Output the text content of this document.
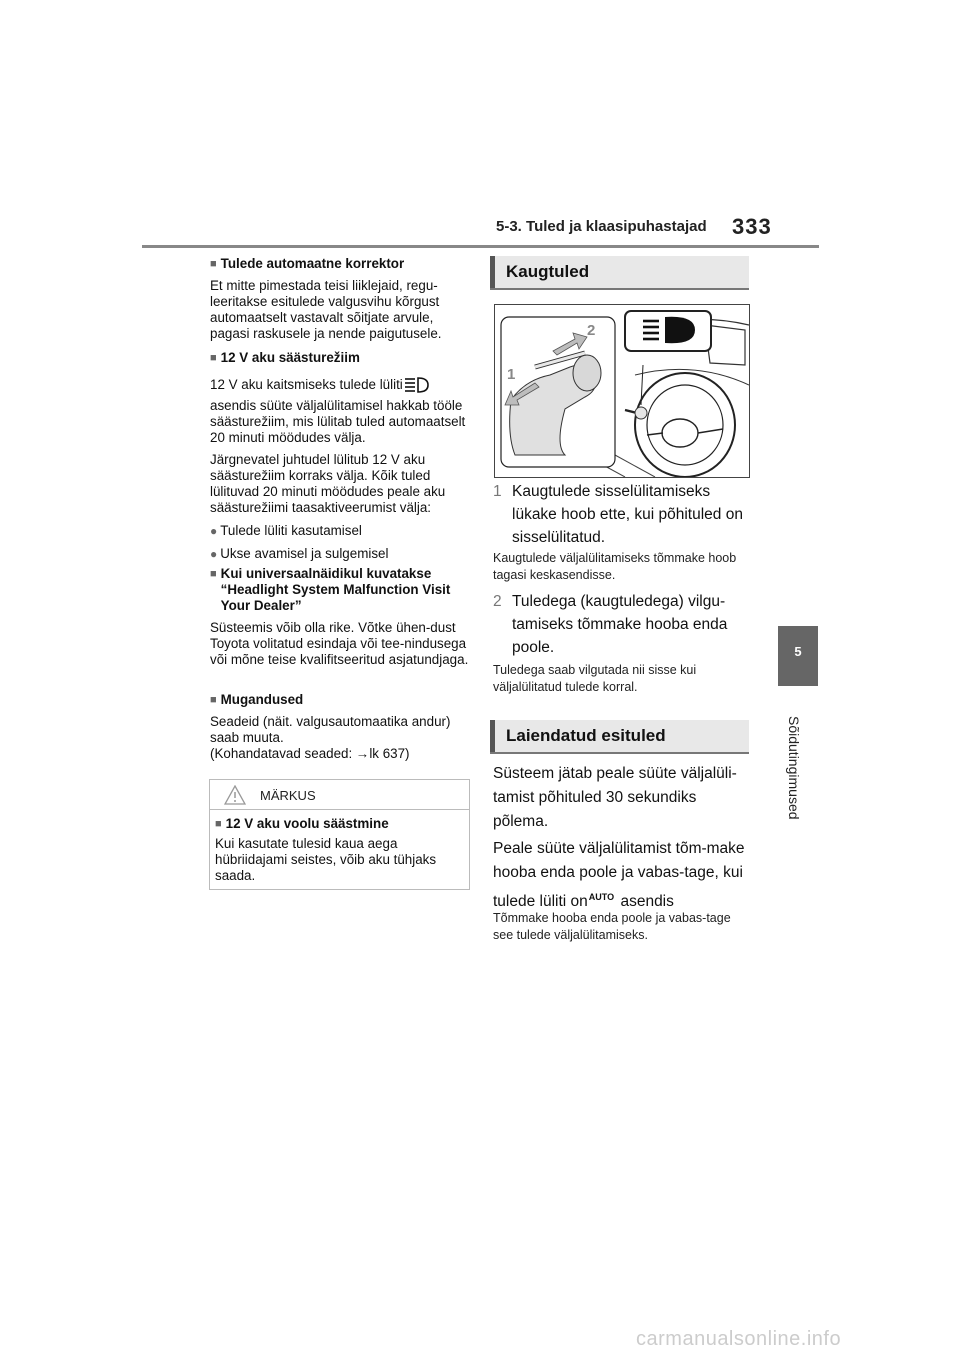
5-3. Tuled ja klaasipuhastajad 333
5
Sõidutingimused

■ Tulede automaatne korrektor

Et mitte pimestada teisi liiklejaid, regu-leeritakse esitulede valgusvihu kõrgust automaatselt vastavalt sõitjate arvule, pagasi raskusele ja nende paigutusele.

■ 12 V aku säästurežiim

12 V aku kaitsmiseks tulede lüliti asendis süüte väljalülitamisel hakkab tööle säästurežiim, mis lülitab tuled automaatselt 20 minuti möödudes välja.

Järgnevatel juhtudel lülitub 12 V aku säästurežiim korraks välja. Kõik tuled lülituvad 20 minuti möödudes peale aku säästurežiimi taasaktiveerumist välja:

● Tulede lüliti kasutamisel

● Ukse avamisel ja sulgemisel

■ Kui universaalnäidikul kuvatakse “Headlight System Malfunction Visit Your Dealer”

Süsteemis võib olla rike. Võtke ühen-dust Toyota volitatud esindaja või tee-nindusega või mõne teise kvalifitseeritud asjatundjaga.

■ Mugandused

Seadeid (näit. valgusautomaatika andur) saab muuta.

(Kohandatavad seaded: →lk 637)

MÄRKUS

■ 12 V aku voolu säästmine

Kui kasutate tulesid kaua aega hübriidajami seistes, võib aku tühjaks saada.

Kaugtuled
2
1

1 Kaugtulede sisselülitamiseks lükake hoob ette, kui põhituled on sisselülitatud.

Kaugtulede väljalülitamiseks tõmmake hoob tagasi keskasendisse.

2 Tuledega (kaugtuledega) vilgu-tamiseks tõmmake hooba enda poole.

Tuledega saab vilgutada nii sisse kui väljalülitatud tulede korral.
Laiendatud esituled
Süsteem jätab peale süüte väljalüli-tamist põhituled 30 sekundiks põlema.
Peale süüte väljalülitamist tõm-make hooba enda poole ja vabas-tage, kui tulede lüliti $on^{AUTO}$ asendis
Tõmmake hooba enda poole ja vabas-tage see tulede väljalülitamiseks.
carmanualsonline.info
